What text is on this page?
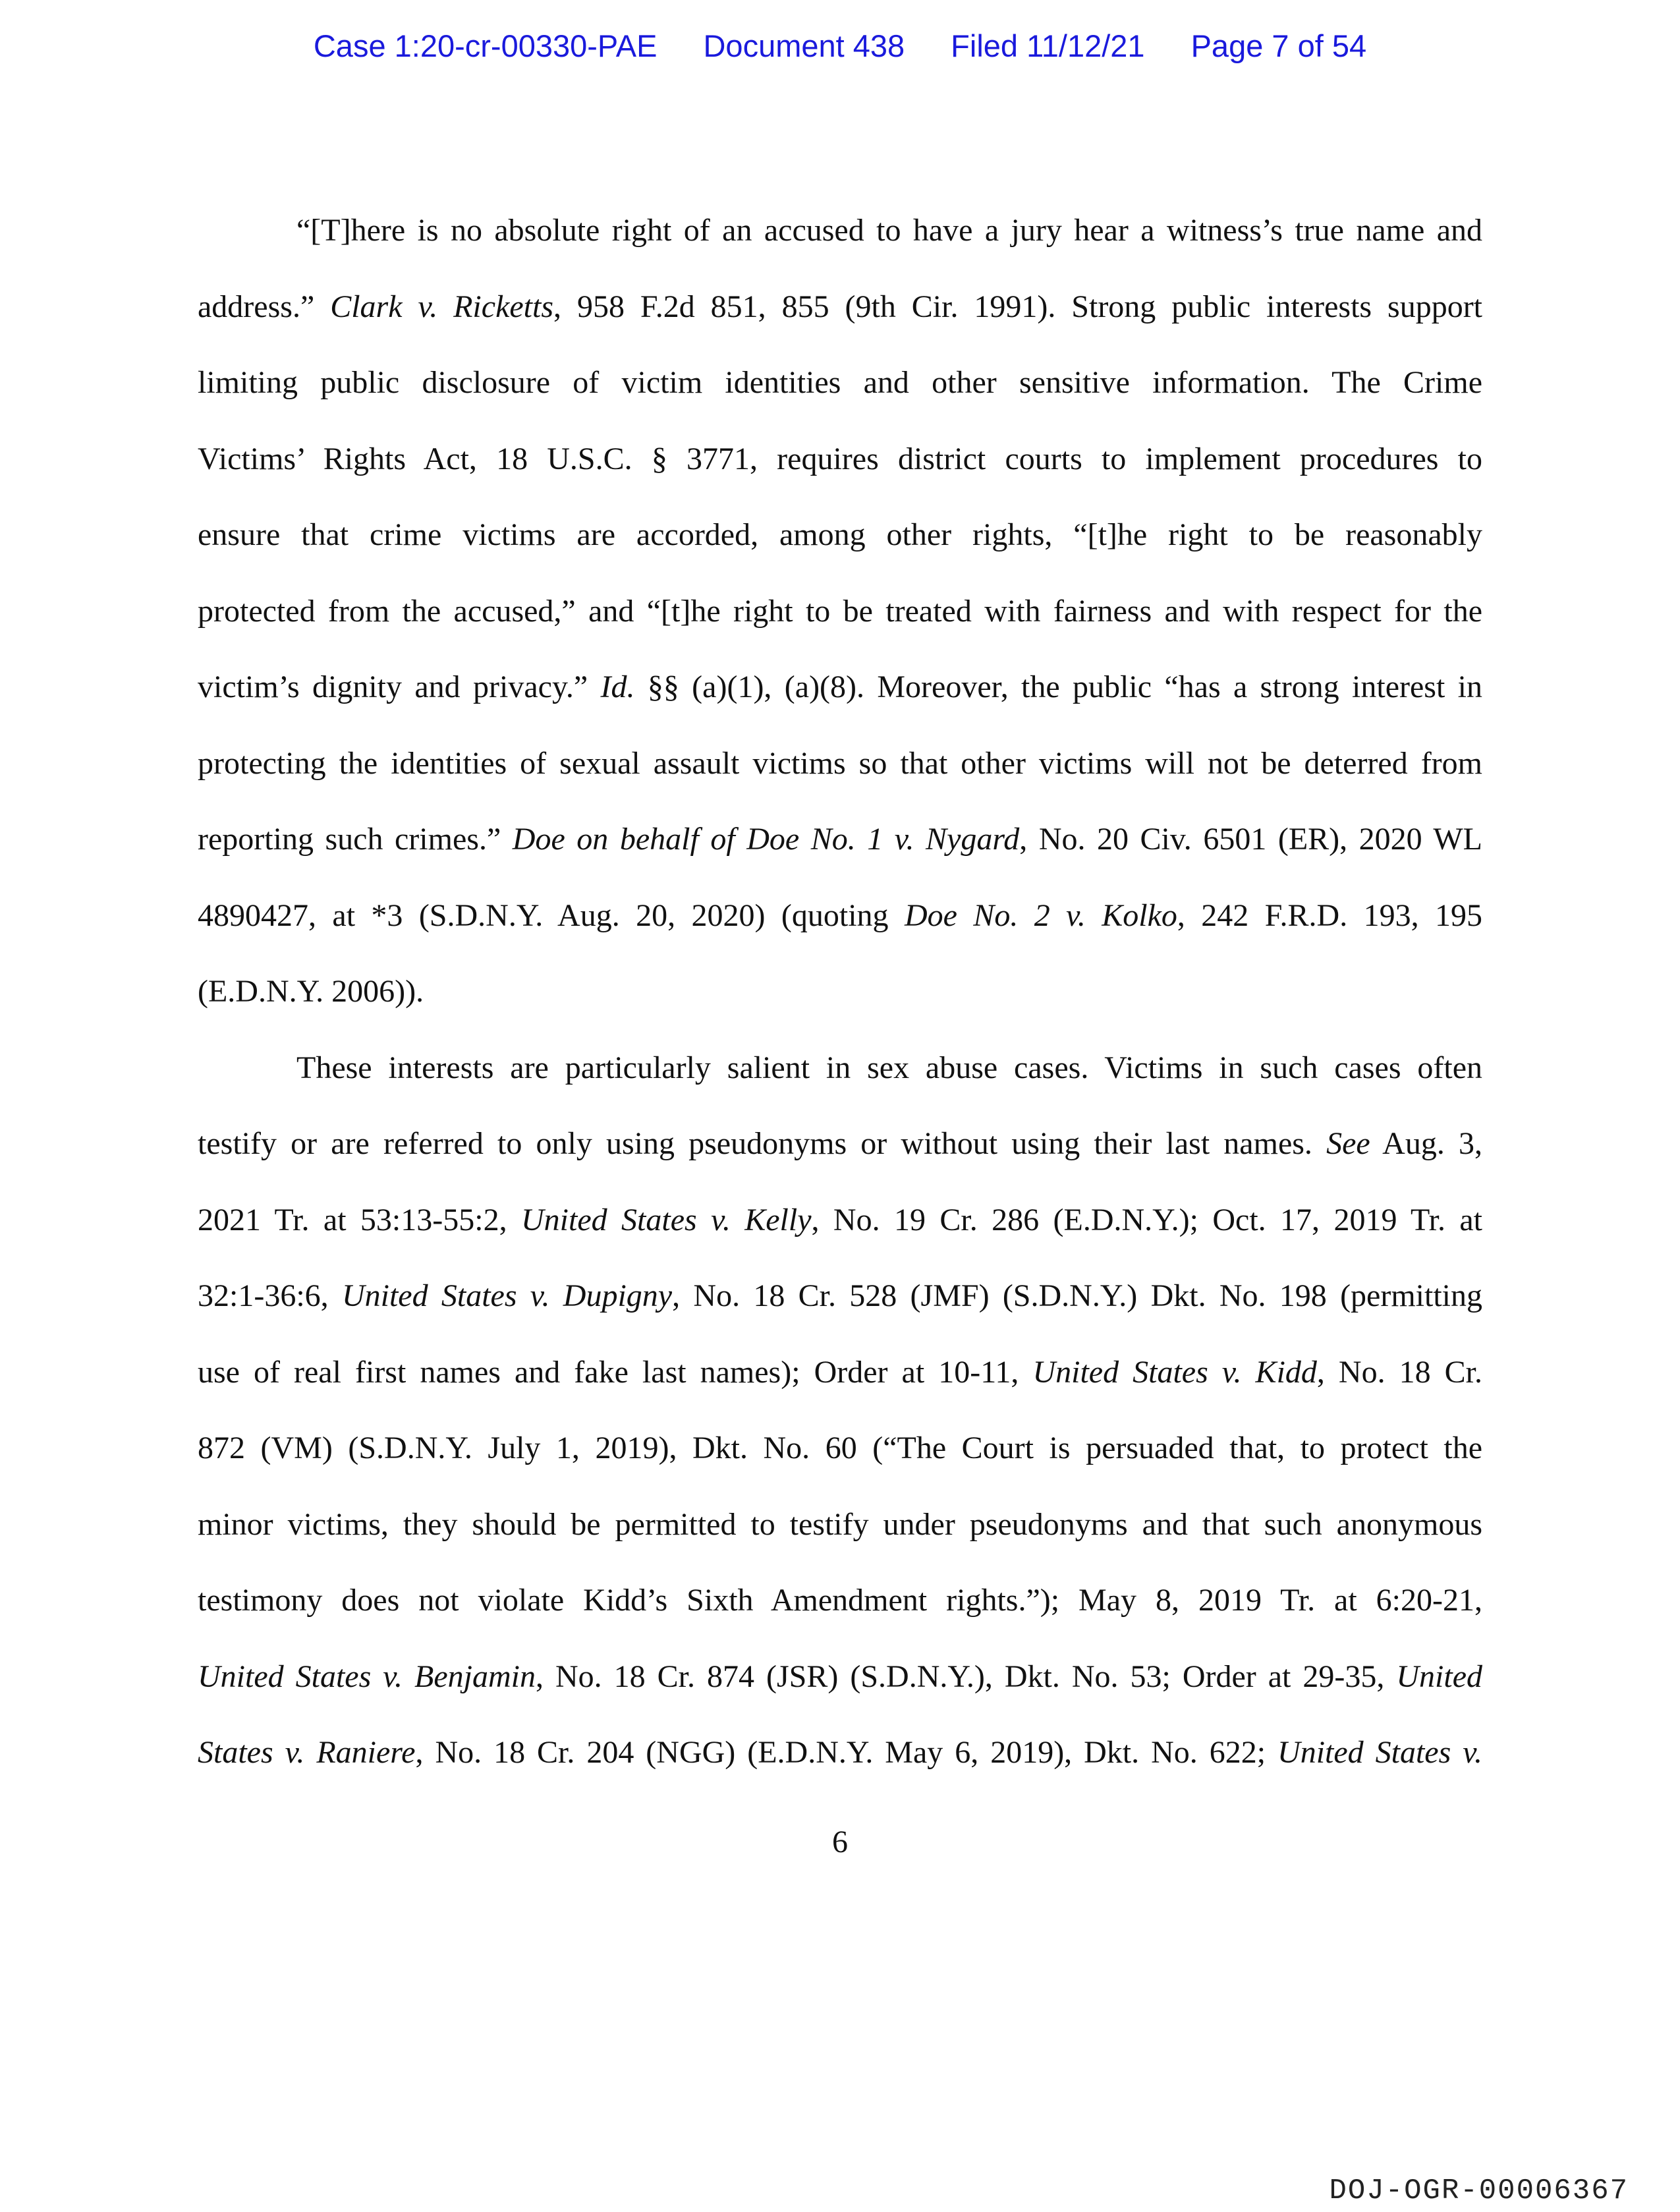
Case 1:20-cr-00330-PAE Document 438 Filed 11/12/21 Page 7 of 54
“[T]here is no absolute right of an accused to have a jury hear a witness’s true name and
address.” Clark v. Ricketts, 958 F.2d 851, 855 (9th Cir. 1991). Strong public interests support
limiting public disclosure of victim identities and other sensitive information. The Crime
Victims’ Rights Act, 18 U.S.C. § 3771, requires district courts to implement procedures to
ensure that crime victims are accorded, among other rights, “[t]he right to be reasonably
protected from the accused,” and “[t]he right to be treated with fairness and with respect for the
victim’s dignity and privacy.” Id. §§ (a)(1), (a)(8). Moreover, the public “has a strong interest in
protecting the identities of sexual assault victims so that other victims will not be deterred from
reporting such crimes.” Doe on behalf of Doe No. 1 v. Nygard, No. 20 Civ. 6501 (ER), 2020 WL
4890427, at *3 (S.D.N.Y. Aug. 20, 2020) (quoting Doe No. 2 v. Kolko, 242 F.R.D. 193, 195
(E.D.N.Y. 2006)).
These interests are particularly salient in sex abuse cases. Victims in such cases often
testify or are referred to only using pseudonyms or without using their last names. See Aug. 3,
2021 Tr. at 53:13-55:2, United States v. Kelly, No. 19 Cr. 286 (E.D.N.Y.); Oct. 17, 2019 Tr. at
32:1-36:6, United States v. Dupigny, No. 18 Cr. 528 (JMF) (S.D.N.Y.) Dkt. No. 198 (permitting
use of real first names and fake last names); Order at 10-11, United States v. Kidd, No. 18 Cr.
872 (VM) (S.D.N.Y. July 1, 2019), Dkt. No. 60 (“The Court is persuaded that, to protect the
minor victims, they should be permitted to testify under pseudonyms and that such anonymous
testimony does not violate Kidd’s Sixth Amendment rights.”); May 8, 2019 Tr. at 6:20-21,
United States v. Benjamin, No. 18 Cr. 874 (JSR) (S.D.N.Y.), Dkt. No. 53; Order at 29-35, United
States v. Raniere, No. 18 Cr. 204 (NGG) (E.D.N.Y. May 6, 2019), Dkt. No. 622; United States v.
6
DOJ-OGR-00006367
